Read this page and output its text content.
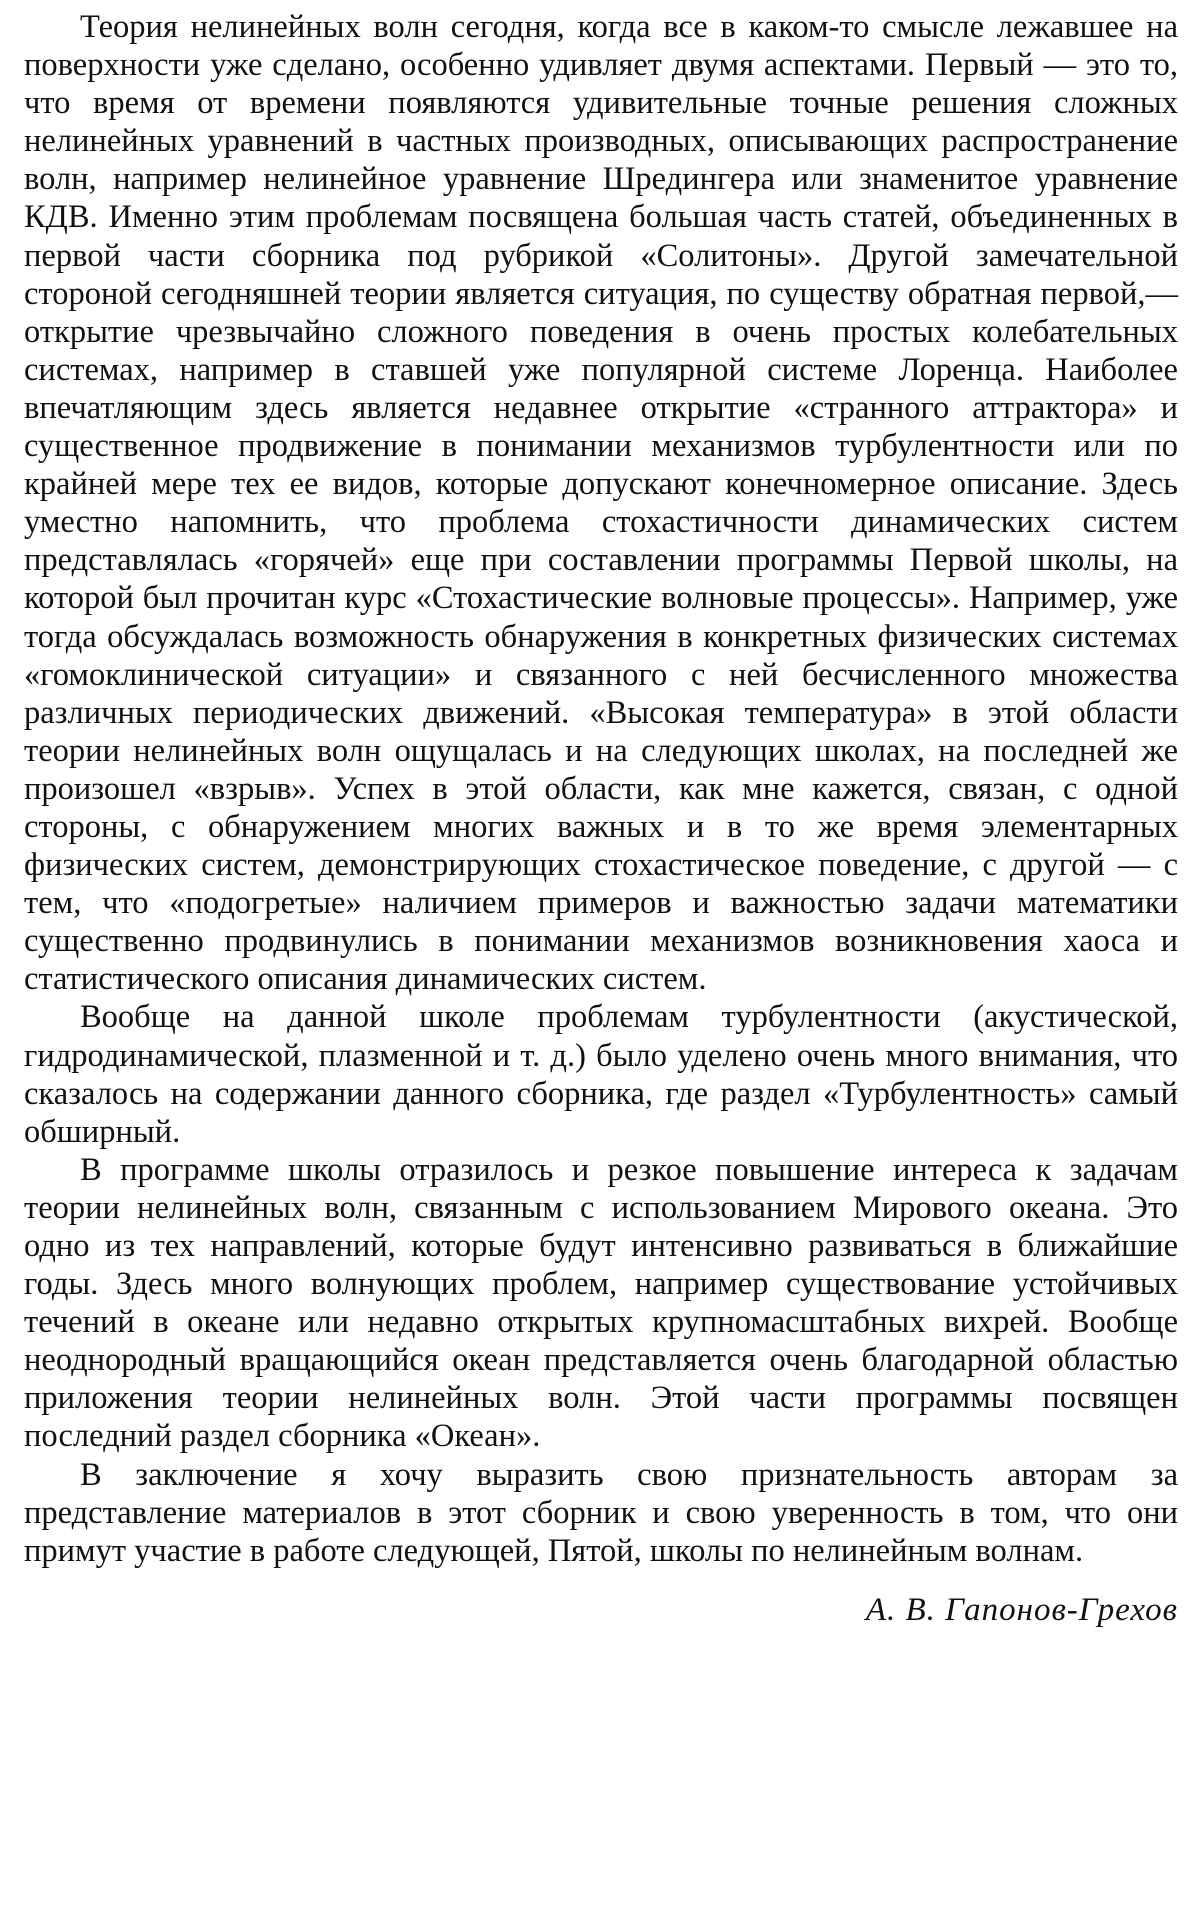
Теория нелинейных волн сегодня, когда все в каком-то смысле лежавшее на поверхности уже сделано, особенно удивляет двумя аспектами. Первый — это то, что время от времени появляются удивительные точные решения сложных нелинейных уравнений в частных производных, описывающих распространение волн, например нелинейное уравнение Шредингера или знаменитое уравнение КДВ. Именно этим проблемам посвящена большая часть статей, объединенных в первой части сборника под рубрикой «Солитоны». Другой замечательной стороной сегодняшней теории является ситуация, по существу обратная первой,— открытие чрезвычайно сложного поведения в очень простых колебательных системах, например в ставшей уже популярной системе Лоренца. Наиболее впечатляющим здесь является недавнее открытие «странного аттрактора» и существенное продвижение в понимании механизмов турбулентности или по крайней мере тех ее видов, которые допускают конечномерное описание. Здесь уместно напомнить, что проблема стохастичности динамических систем представлялась «горячей» еще при составлении программы Первой школы, на которой был прочитан курс «Стохастические волновые процессы». Например, уже тогда обсуждалась возможность обнаружения в конкретных физических системах «гомоклинической ситуации» и связанного с ней бесчисленного множества различных периодических движений. «Высокая температура» в этой области теории нелинейных волн ощущалась и на следующих школах, на последней же произошел «взрыв». Успех в этой области, как мне кажется, связан, с одной стороны, с обнаружением многих важных и в то же время элементарных физических систем, демонстрирующих стохастическое поведение, с другой — с тем, что «подогретые» наличием примеров и важностью задачи математики существенно продвинулись в понимании механизмов возникновения хаоса и статистического описания динамических систем.

Вообще на данной школе проблемам турбулентности (акустической, гидродинамической, плазменной и т. д.) было уделено очень много внимания, что сказалось на содержании данного сборника, где раздел «Турбулентность» самый обширный.

В программе школы отразилось и резкое повышение интереса к задачам теории нелинейных волн, связанным с использованием Мирового океана. Это одно из тех направлений, которые будут интенсивно развиваться в ближайшие годы. Здесь много волнующих проблем, например существование устойчивых течений в океане или недавно открытых крупномасштабных вихрей. Вообще неоднородный вращающийся океан представляется очень благодарной областью приложения теории нелинейных волн. Этой части программы посвящен последний раздел сборника «Океан».

В заключение я хочу выразить свою признательность авторам за представление материалов в этот сборник и свою уверенность в том, что они примут участие в работе следующей, Пятой, школы по нелинейным волнам.

А. В. Гапонов-Грехов
